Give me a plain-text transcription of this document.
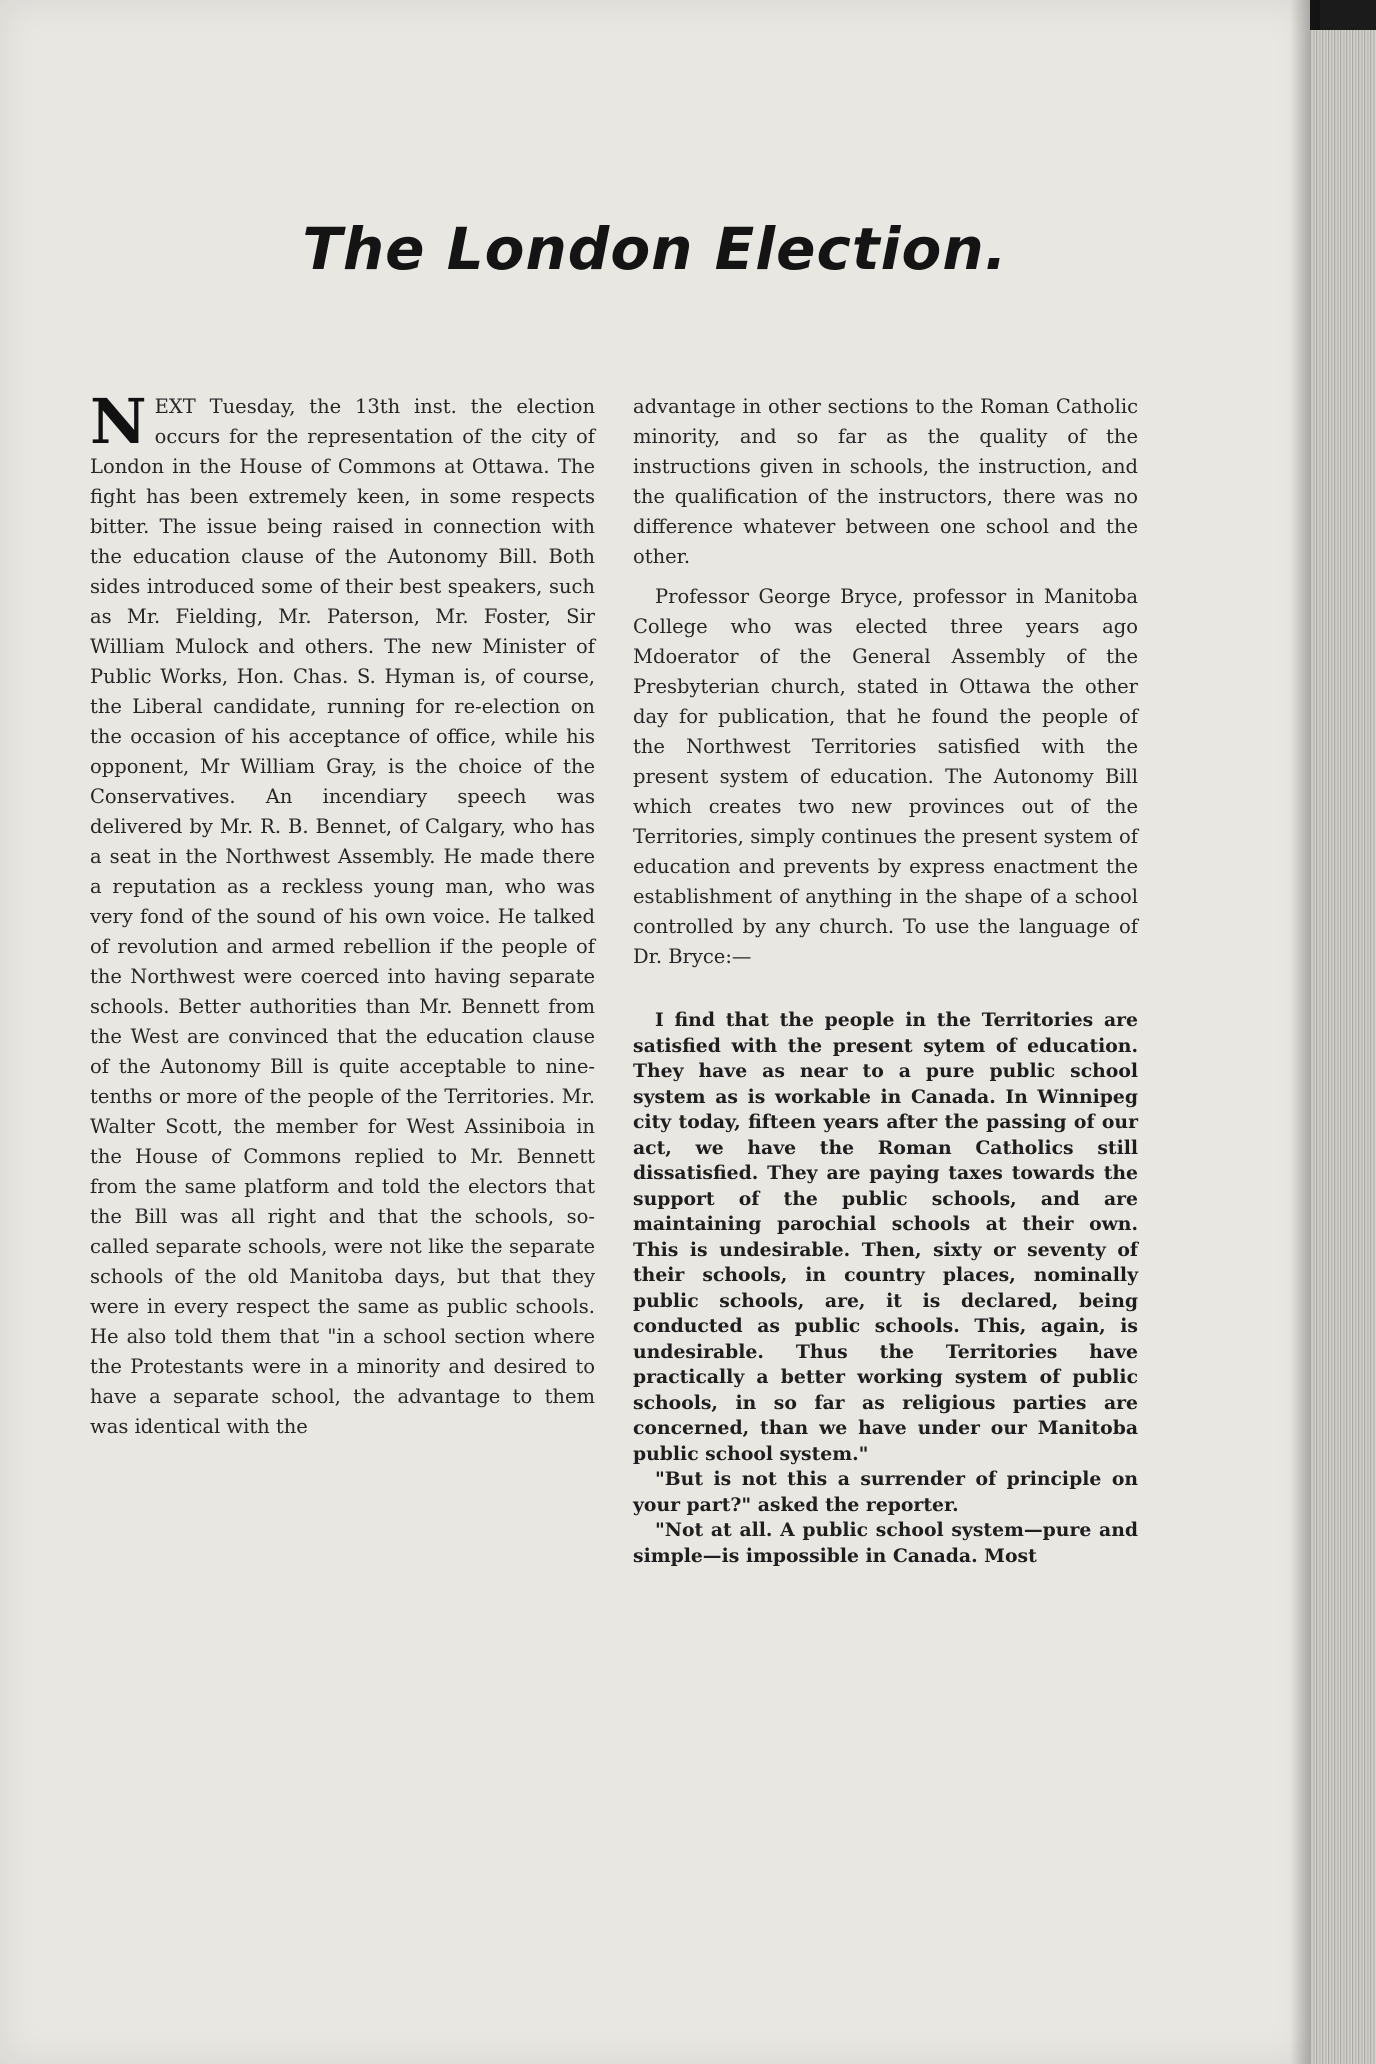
The London Election.

NEXT Tuesday, the 13th inst. the election occurs for the representation of the city of London in the House of Commons at Ottawa. The fight has been extremely keen, in some respects bitter. The issue being raised in connection with the education clause of the Autonomy Bill. Both sides introduced some of their best speakers, such as Mr. Fielding, Mr. Paterson, Mr. Foster, Sir William Mulock and others. The new Minister of Public Works, Hon. Chas. S. Hyman is, of course, the Liberal candidate, running for re-election on the occasion of his acceptance of office, while his opponent, Mr William Gray, is the choice of the Conservatives. An incendiary speech was delivered by Mr. R. B. Bennet, of Calgary, who has a seat in the Northwest Assembly. He made there a reputation as a reckless young man, who was very fond of the sound of his own voice. He talked of revolution and armed rebellion if the people of the Northwest were coerced into having separate schools. Better authorities than Mr. Bennett from the West are convinced that the education clause of the Autonomy Bill is quite acceptable to nine-tenths or more of the people of the Territories. Mr. Walter Scott, the member for West Assiniboia in the House of Commons replied to Mr. Bennett from the same platform and told the electors that the Bill was all right and that the schools, so-called separate schools, were not like the separate schools of the old Manitoba days, but that they were in every respect the same as public schools. He also told them that "in a school section where the Protestants were in a minority and desired to have a separate school, the advantage to them was identical with the

advantage in other sections to the Roman Catholic minority, and so far as the quality of the instructions given in schools, the instruction, and the qualification of the instructors, there was no difference whatever between one school and the other.

Professor George Bryce, professor in Manitoba College who was elected three years ago Mdoerator of the General Assembly of the Presbyterian church, stated in Ottawa the other day for publication, that he found the people of the Northwest Territories satisfied with the present system of education. The Autonomy Bill which creates two new provinces out of the Territories, simply continues the present system of education and prevents by express enactment the establishment of anything in the shape of a school controlled by any church. To use the language of Dr. Bryce:—

I find that the people in the Territories are satisfied with the present sytem of education. They have as near to a pure public school system as is workable in Canada. In Winnipeg city today, fifteen years after the passing of our act, we have the Roman Catholics still dissatisfied. They are paying taxes towards the support of the public schools, and are maintaining parochial schools at their own. This is undesirable. Then, sixty or seventy of their schools, in country places, nominally public schools, are, it is declared, being conducted as public schools. This, again, is undesirable. Thus the Territories have practically a better working system of public schools, in so far as religious parties are concerned, than we have under our Manitoba public school system."

"But is not this a surrender of principle on your part?" asked the reporter.

"Not at all. A public school system—pure and simple—is impossible in Canada. Most
